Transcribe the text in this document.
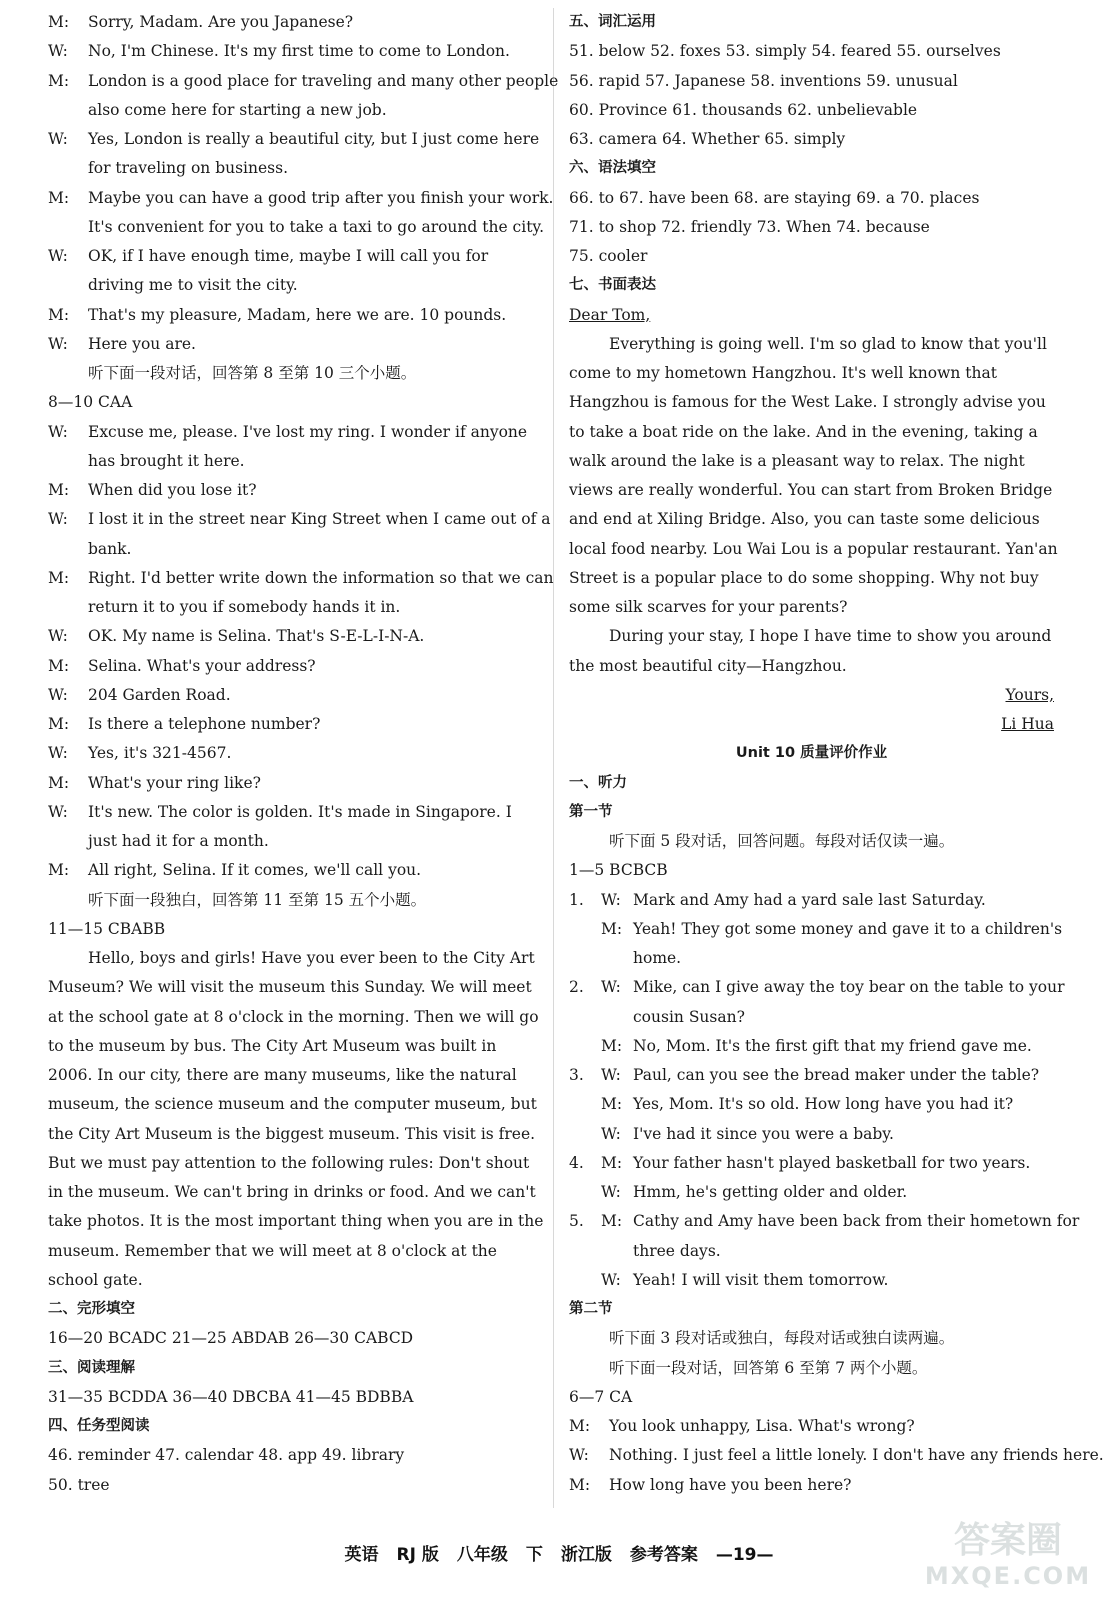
M: Sorry, Madam. Are you Japanese?
W: No, I'm Chinese. It's my first time to come to London.
M: London is a good place for traveling and many other people
also come here for starting a new job.
W: Yes, London is really a beautiful city, but I just come here
for traveling on business.
M: Maybe you can have a good trip after you finish your work.
It's convenient for you to take a taxi to go around the city.
W: OK, if I have enough time, maybe I will call you for
driving me to visit the city.
M: That's my pleasure, Madam, here we are. 10 pounds.
W: Here you are.
听下面一段对话，回答第 8 至第 10 三个小题。
8—10 CAA
W: Excuse me, please. I've lost my ring. I wonder if anyone
has brought it here.
M: When did you lose it?
W: I lost it in the street near King Street when I came out of a
bank.
M: Right. I'd better write down the information so that we can
return it to you if somebody hands it in.
W: OK. My name is Selina. That's S-E-L-I-N-A.
M: Selina. What's your address?
W: 204 Garden Road.
M: Is there a telephone number?
W: Yes, it's 321-4567.
M: What's your ring like?
W: It's new. The color is golden. It's made in Singapore. I
just had it for a month.
M: All right, Selina. If it comes, we'll call you.
听下面一段独白，回答第 11 至第 15 五个小题。
11—15 CBABB
Hello, boys and girls! Have you ever been to the City Art
Museum? We will visit the museum this Sunday. We will meet
at the school gate at 8 o'clock in the morning. Then we will go
to the museum by bus. The City Art Museum was built in
2006. In our city, there are many museums, like the natural
museum, the science museum and the computer museum, but
the City Art Museum is the biggest museum. This visit is free.
But we must pay attention to the following rules: Don't shout
in the museum. We can't bring in drinks or food. And we can't
take photos. It is the most important thing when you are in the
museum. Remember that we will meet at 8 o'clock at the
school gate.
二、完形填空
16—20 BCADC 21—25 ABDAB 26—30 CABCD
三、阅读理解
31—35 BCDDA 36—40 DBCBA 41—45 BDBBA
四、任务型阅读
46. reminder 47. calendar 48. app 49. library
50. tree
五、词汇运用
51. below 52. foxes 53. simply 54. feared 55. ourselves
56. rapid 57. Japanese 58. inventions 59. unusual
60. Province 61. thousands 62. unbelievable
63. camera 64. Whether 65. simply
六、语法填空
66. to 67. have been 68. are staying 69. a 70. places
71. to shop 72. friendly 73. When 74. because
75. cooler
七、书面表达
Dear Tom,
Everything is going well. I'm so glad to know that you'll
come to my hometown Hangzhou. It's well known that
Hangzhou is famous for the West Lake. I strongly advise you
to take a boat ride on the lake. And in the evening, taking a
walk around the lake is a pleasant way to relax. The night
views are really wonderful. You can start from Broken Bridge
and end at Xiling Bridge. Also, you can taste some delicious
local food nearby. Lou Wai Lou is a popular restaurant. Yan'an
Street is a popular place to do some shopping. Why not buy
some silk scarves for your parents?
During your stay, I hope I have time to show you around
the most beautiful city—Hangzhou.
Yours,
Li Hua
Unit 10 质量评价作业
一、听力
第一节
听下面 5 段对话，回答问题。每段对话仅读一遍。
1—5 BCBCB
1. W: Mark and Amy had a yard sale last Saturday.
M: Yeah! They got some money and gave it to a children's
home.
2. W: Mike, can I give away the toy bear on the table to your
cousin Susan?
M: No, Mom. It's the first gift that my friend gave me.
3. W: Paul, can you see the bread maker under the table?
M: Yes, Mom. It's so old. How long have you had it?
W: I've had it since you were a baby.
4. M: Your father hasn't played basketball for two years.
W: Hmm, he's getting older and older.
5. M: Cathy and Amy have been back from their hometown for
three days.
W: Yeah! I will visit them tomorrow.
第二节
听下面 3 段对话或独白，每段对话或独白读两遍。
听下面一段对话，回答第 6 至第 7 两个小题。
6—7 CA
M: You look unhappy, Lisa. What's wrong?
W: Nothing. I just feel a little lonely. I don't have any friends here.
M: How long have you been here?
英语 RJ 版 八年级 下 浙江版 参考答案 —19—	答案圈
MXQE.COM
